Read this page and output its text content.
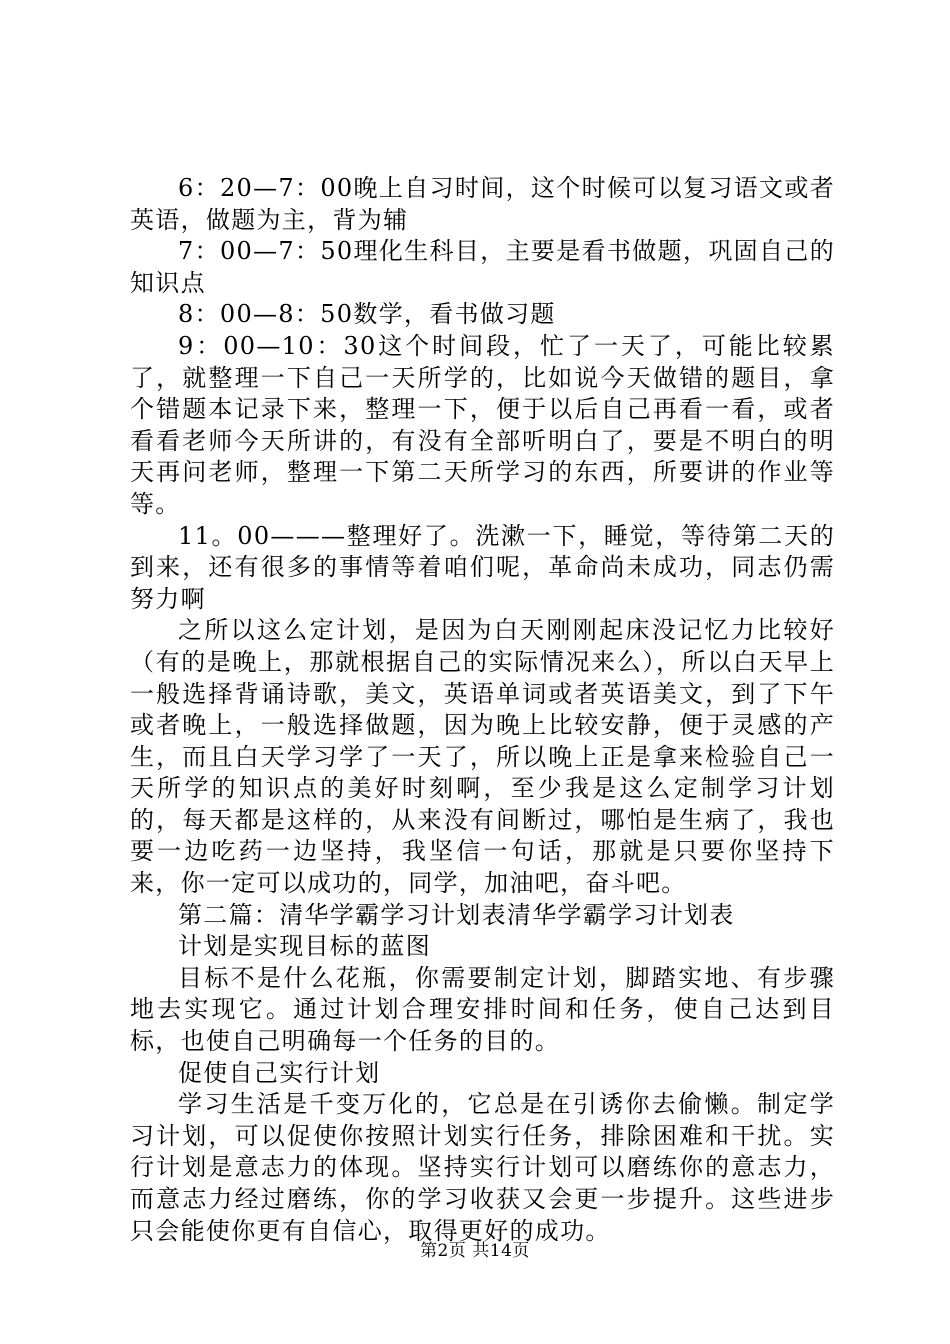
6：20—7：00晚上自习时间，这个时候可以复习语文或者英语，做题为主，背为辅

7：00—7：50理化生科目，主要是看书做题，巩固自己的知识点

8：00—8：50数学，看书做习题

9：00—10：30这个时间段，忙了一天了，可能比较累了，就整理一下自己一天所学的，比如说今天做错的题目，拿个错题本记录下来，整理一下，便于以后自己再看一看，或者看看老师今天所讲的，有没有全部听明白了，要是不明白的明天再问老师，整理一下第二天所学习的东西，所要讲的作业等等。

11。00———整理好了。洗漱一下，睡觉，等待第二天的到来，还有很多的事情等着咱们呢，革命尚未成功，同志仍需努力啊

之所以这么定计划，是因为白天刚刚起床没记忆力比较好（有的是晚上，那就根据自己的实际情况来么），所以白天早上一般选择背诵诗歌，美文，英语单词或者英语美文，到了下午或者晚上，一般选择做题，因为晚上比较安静，便于灵感的产生，而且白天学习学了一天了，所以晚上正是拿来检验自己一天所学的知识点的美好时刻啊，至少我是这么定制学习计划的，每天都是这样的，从来没有间断过，哪怕是生病了，我也要一边吃药一边坚持，我坚信一句话，那就是只要你坚持下来，你一定可以成功的，同学，加油吧，奋斗吧。

第二篇：清华学霸学习计划表清华学霸学习计划表

计划是实现目标的蓝图

目标不是什么花瓶，你需要制定计划，脚踏实地、有步骤地去实现它。通过计划合理安排时间和任务，使自己达到目标，也使自己明确每一个任务的目的。

促使自己实行计划

学习生活是千变万化的，它总是在引诱你去偷懒。制定学习计划，可以促使你按照计划实行任务，排除困难和干扰。实行计划是意志力的体现。坚持实行计划可以磨练你的意志力，而意志力经过磨练，你的学习收获又会更一步提升。这些进步只会能使你更有自信心，取得更好的成功。

第2页 共14页
